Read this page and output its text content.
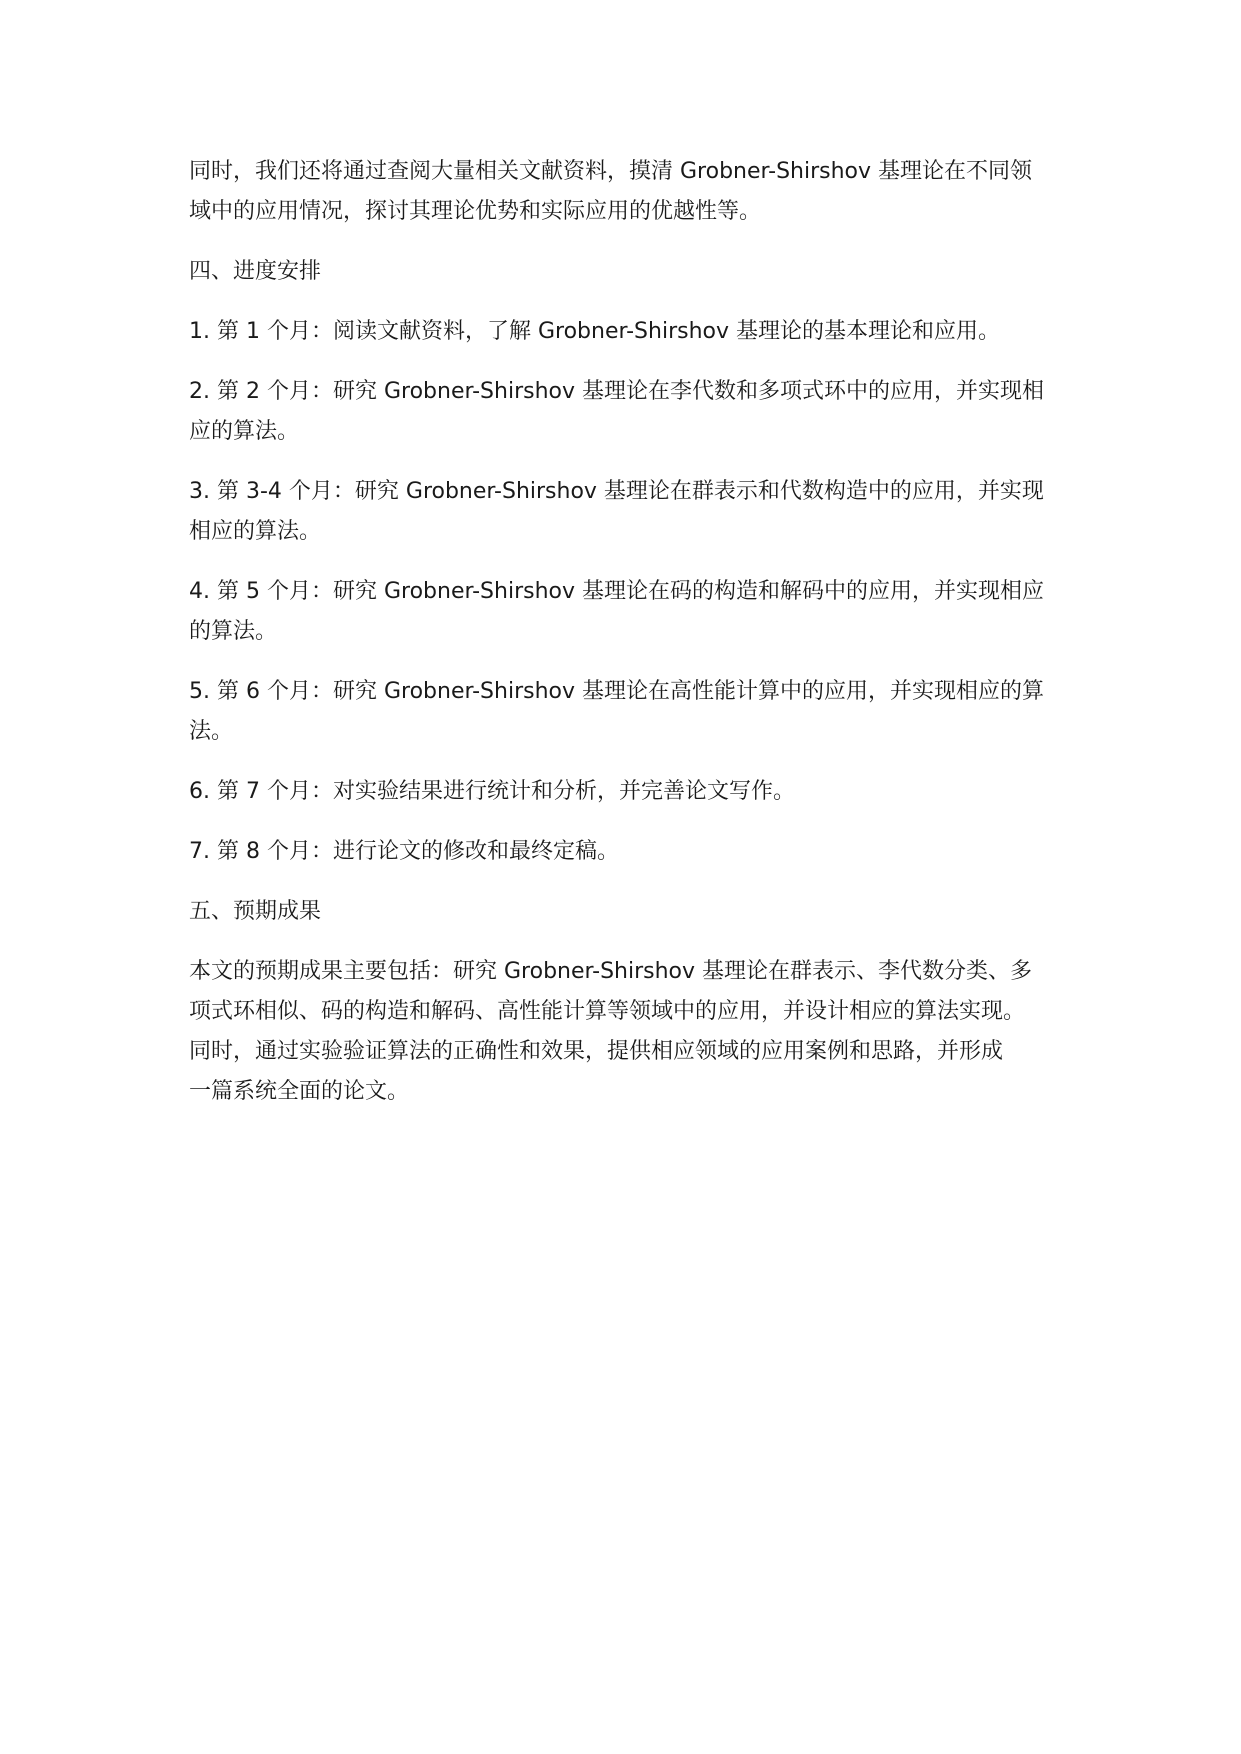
同时，我们还将通过查阅大量相关文献资料，摸清 Grobner-Shirshov 基理论在不同领
域中的应用情况，探讨其理论优势和实际应用的优越性等。

四、进度安排

1. 第 1 个月：阅读文献资料，了解 Grobner-Shirshov 基理论的基本理论和应用。

2. 第 2 个月：研究 Grobner-Shirshov 基理论在李代数和多项式环中的应用，并实现相
应的算法。

3. 第 3-4 个月：研究 Grobner-Shirshov 基理论在群表示和代数构造中的应用，并实现
相应的算法。

4. 第 5 个月：研究 Grobner-Shirshov 基理论在码的构造和解码中的应用，并实现相应
的算法。

5. 第 6 个月：研究 Grobner-Shirshov 基理论在高性能计算中的应用，并实现相应的算
法。

6. 第 7 个月：对实验结果进行统计和分析，并完善论文写作。

7. 第 8 个月：进行论文的修改和最终定稿。

五、预期成果

本文的预期成果主要包括：研究 Grobner-Shirshov 基理论在群表示、李代数分类、多
项式环相似、码的构造和解码、高性能计算等领域中的应用，并设计相应的算法实现。
同时，通过实验验证算法的正确性和效果，提供相应领域的应用案例和思路，并形成
一篇系统全面的论文。
